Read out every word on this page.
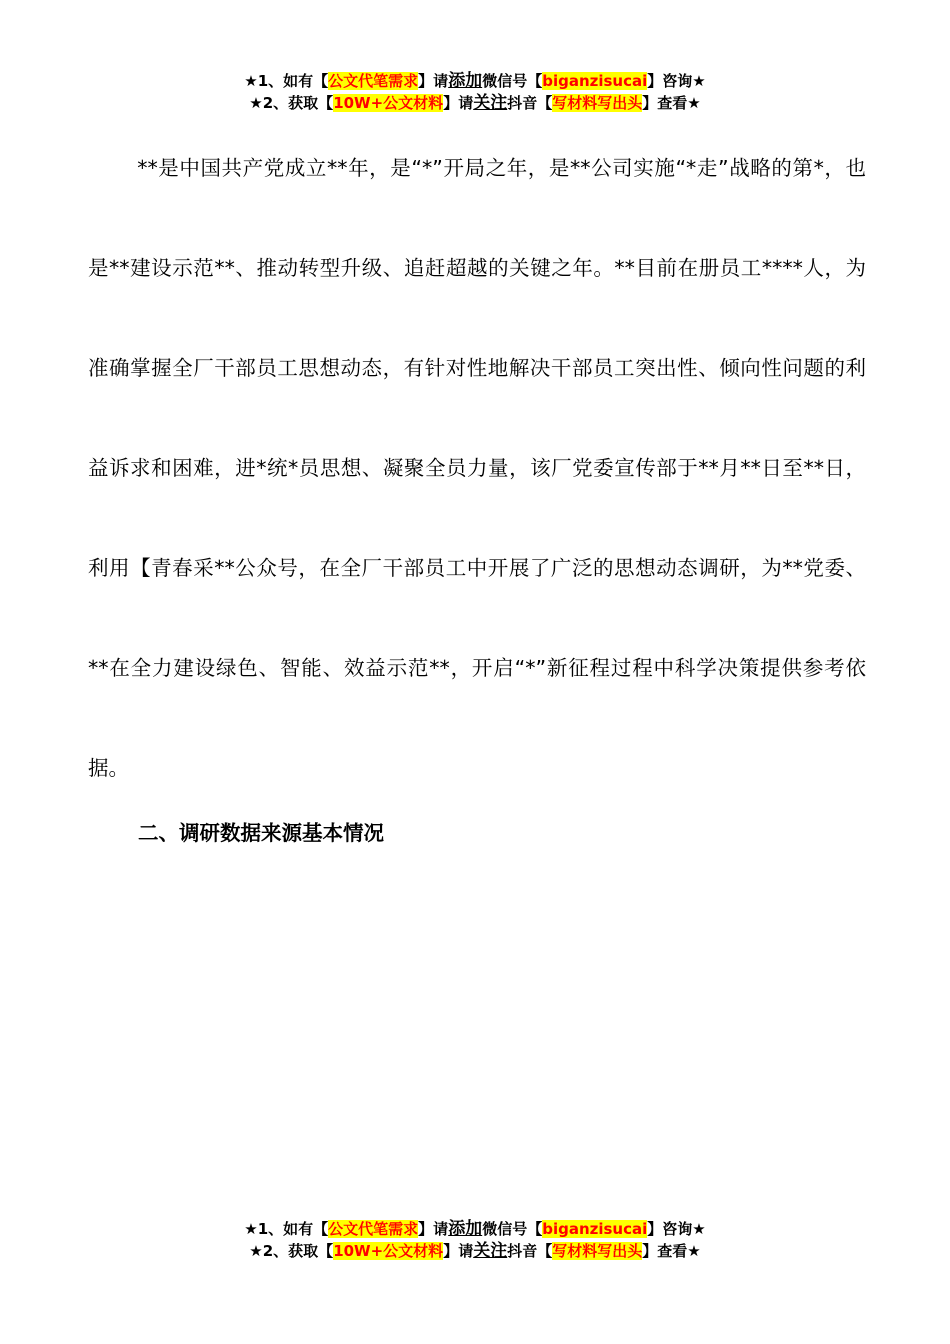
★1、如有【公文代笔需求】请添加微信号【biganzisucai】咨询★
★2、获取【10W+公文材料】请关注抖音【写材料写出头】查看★

**是中国共产党成立**年，是“*”开局之年，是**公司实施“*走”战略的第*，也是**建设示范**、推动转型升级、追赶超越的关键之年。**目前在册员工****人，为准确掌握全厂干部员工思想动态，有针对性地解决干部员工突出性、倾向性问题的利益诉求和困难，进*统*员思想、凝聚全员力量，该厂党委宣传部于**月**日至**日，利用【青春采**公众号，在全厂干部员工中开展了广泛的思想动态调研，为**党委、**在全力建设绿色、智能、效益示范**，开启“*”新征程过程中科学决策提供参考依据。

二、调研数据来源基本情况
★1、如有【公文代笔需求】请添加微信号【biganzisucai】咨询★
★2、获取【10W+公文材料】请关注抖音【写材料写出头】查看★
